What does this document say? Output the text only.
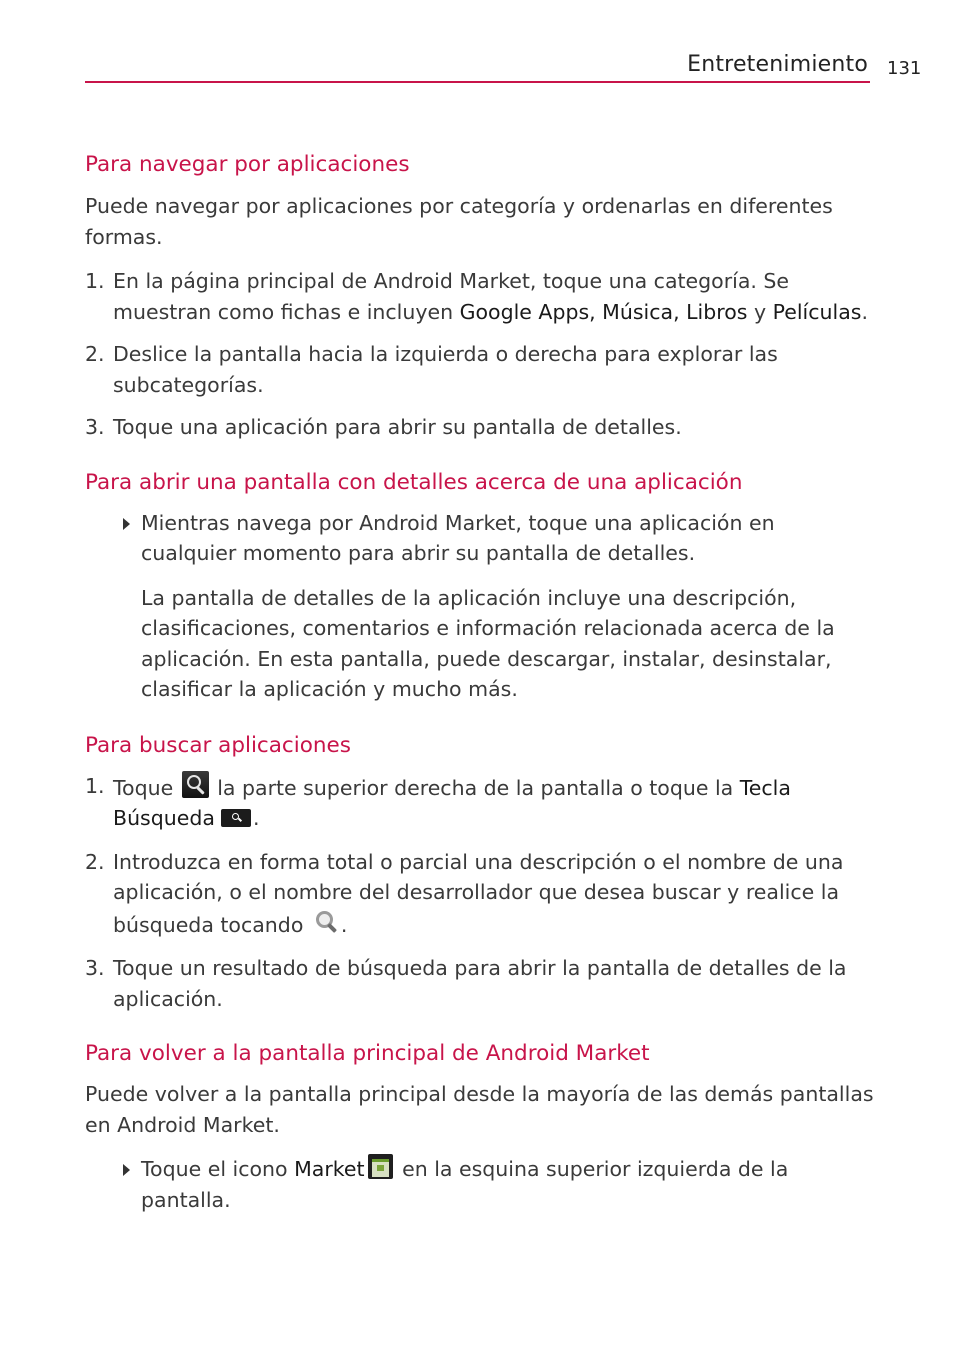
Entretenimiento 131
Para navegar por aplicaciones

Puede navegar por aplicaciones por categoría y ordenarlas en diferentes formas.

1. En la página principal de Android Market, toque una categoría. Se muestran como fichas e incluyen Google Apps, Música, Libros y Películas.
2. Deslice la pantalla hacia la izquierda o derecha para explorar las subcategorías.
3. Toque una aplicación para abrir su pantalla de detalles.
Para abrir una pantalla con detalles acerca de una aplicación
Mientras navega por Android Market, toque una aplicación en cualquier momento para abrir su pantalla de detalles.
La pantalla de detalles de la aplicación incluye una descripción, clasificaciones, comentarios e información relacionada acerca de la aplicación. En esta pantalla, puede descargar, instalar, desinstalar, clasificar la aplicación y mucho más.
Para buscar aplicaciones
1. Toque  la parte superior derecha de la pantalla o toque la Tecla Búsqueda .
2. Introduzca en forma total o parcial una descripción o el nombre de una aplicación, o el nombre del desarrollador que desea buscar y realice la búsqueda tocando .
3. Toque un resultado de búsqueda para abrir la pantalla de detalles de la aplicación.
Para volver a la pantalla principal de Android Market

Puede volver a la pantalla principal desde la mayoría de las demás pantallas en Android Market.

Toque el icono Market en la esquina superior izquierda de la pantalla.
